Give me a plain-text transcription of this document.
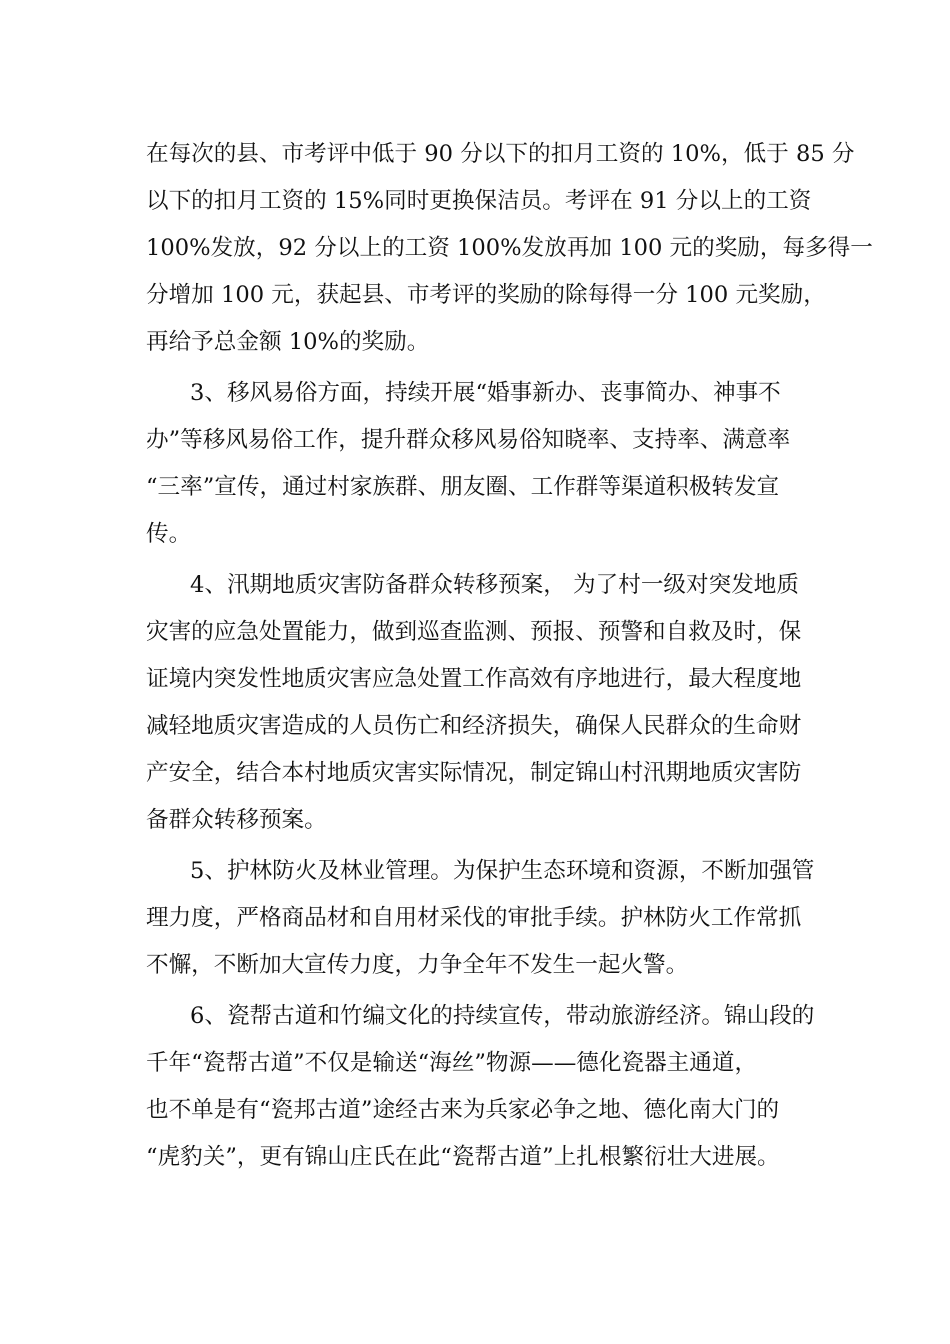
在每次的县、市考评中低于 90 分以下的扣月工资的 10%，低于 85 分
以下的扣月工资的 15%同时更换保洁员。考评在 91 分以上的工资
100%发放，92 分以上的工资 100%发放再加 100 元的奖励，每多得一
分增加 100 元，获起县、市考评的奖励的除每得一分 100 元奖励，
再给予总金额 10%的奖励。
3、移风易俗方面，持续开展“婚事新办、丧事简办、神事不
办”等移风易俗工作，提升群众移风易俗知晓率、支持率、满意率
“三率”宣传，通过村家族群、朋友圈、工作群等渠道积极转发宣
传。
4、汛期地质灾害防备群众转移预案， 为了村一级对突发地质
灾害的应急处置能力，做到巡查监测、预报、预警和自救及时，保
证境内突发性地质灾害应急处置工作高效有序地进行，最大程度地
减轻地质灾害造成的人员伤亡和经济损失，确保人民群众的生命财
产安全，结合本村地质灾害实际情况，制定锦山村汛期地质灾害防
备群众转移预案。
5、护林防火及林业管理。为保护生态环境和资源，不断加强管
理力度，严格商品材和自用材采伐的审批手续。护林防火工作常抓
不懈，不断加大宣传力度，力争全年不发生一起火警。
6、瓷帮古道和竹编文化的持续宣传，带动旅游经济。锦山段的
千年“瓷帮古道”不仅是输送“海丝”物源——德化瓷器主通道，
也不单是有“瓷邦古道”途经古来为兵家必争之地、德化南大门的
“虎豹关”，更有锦山庄氏在此“瓷帮古道”上扎根繁衍壮大进展。
